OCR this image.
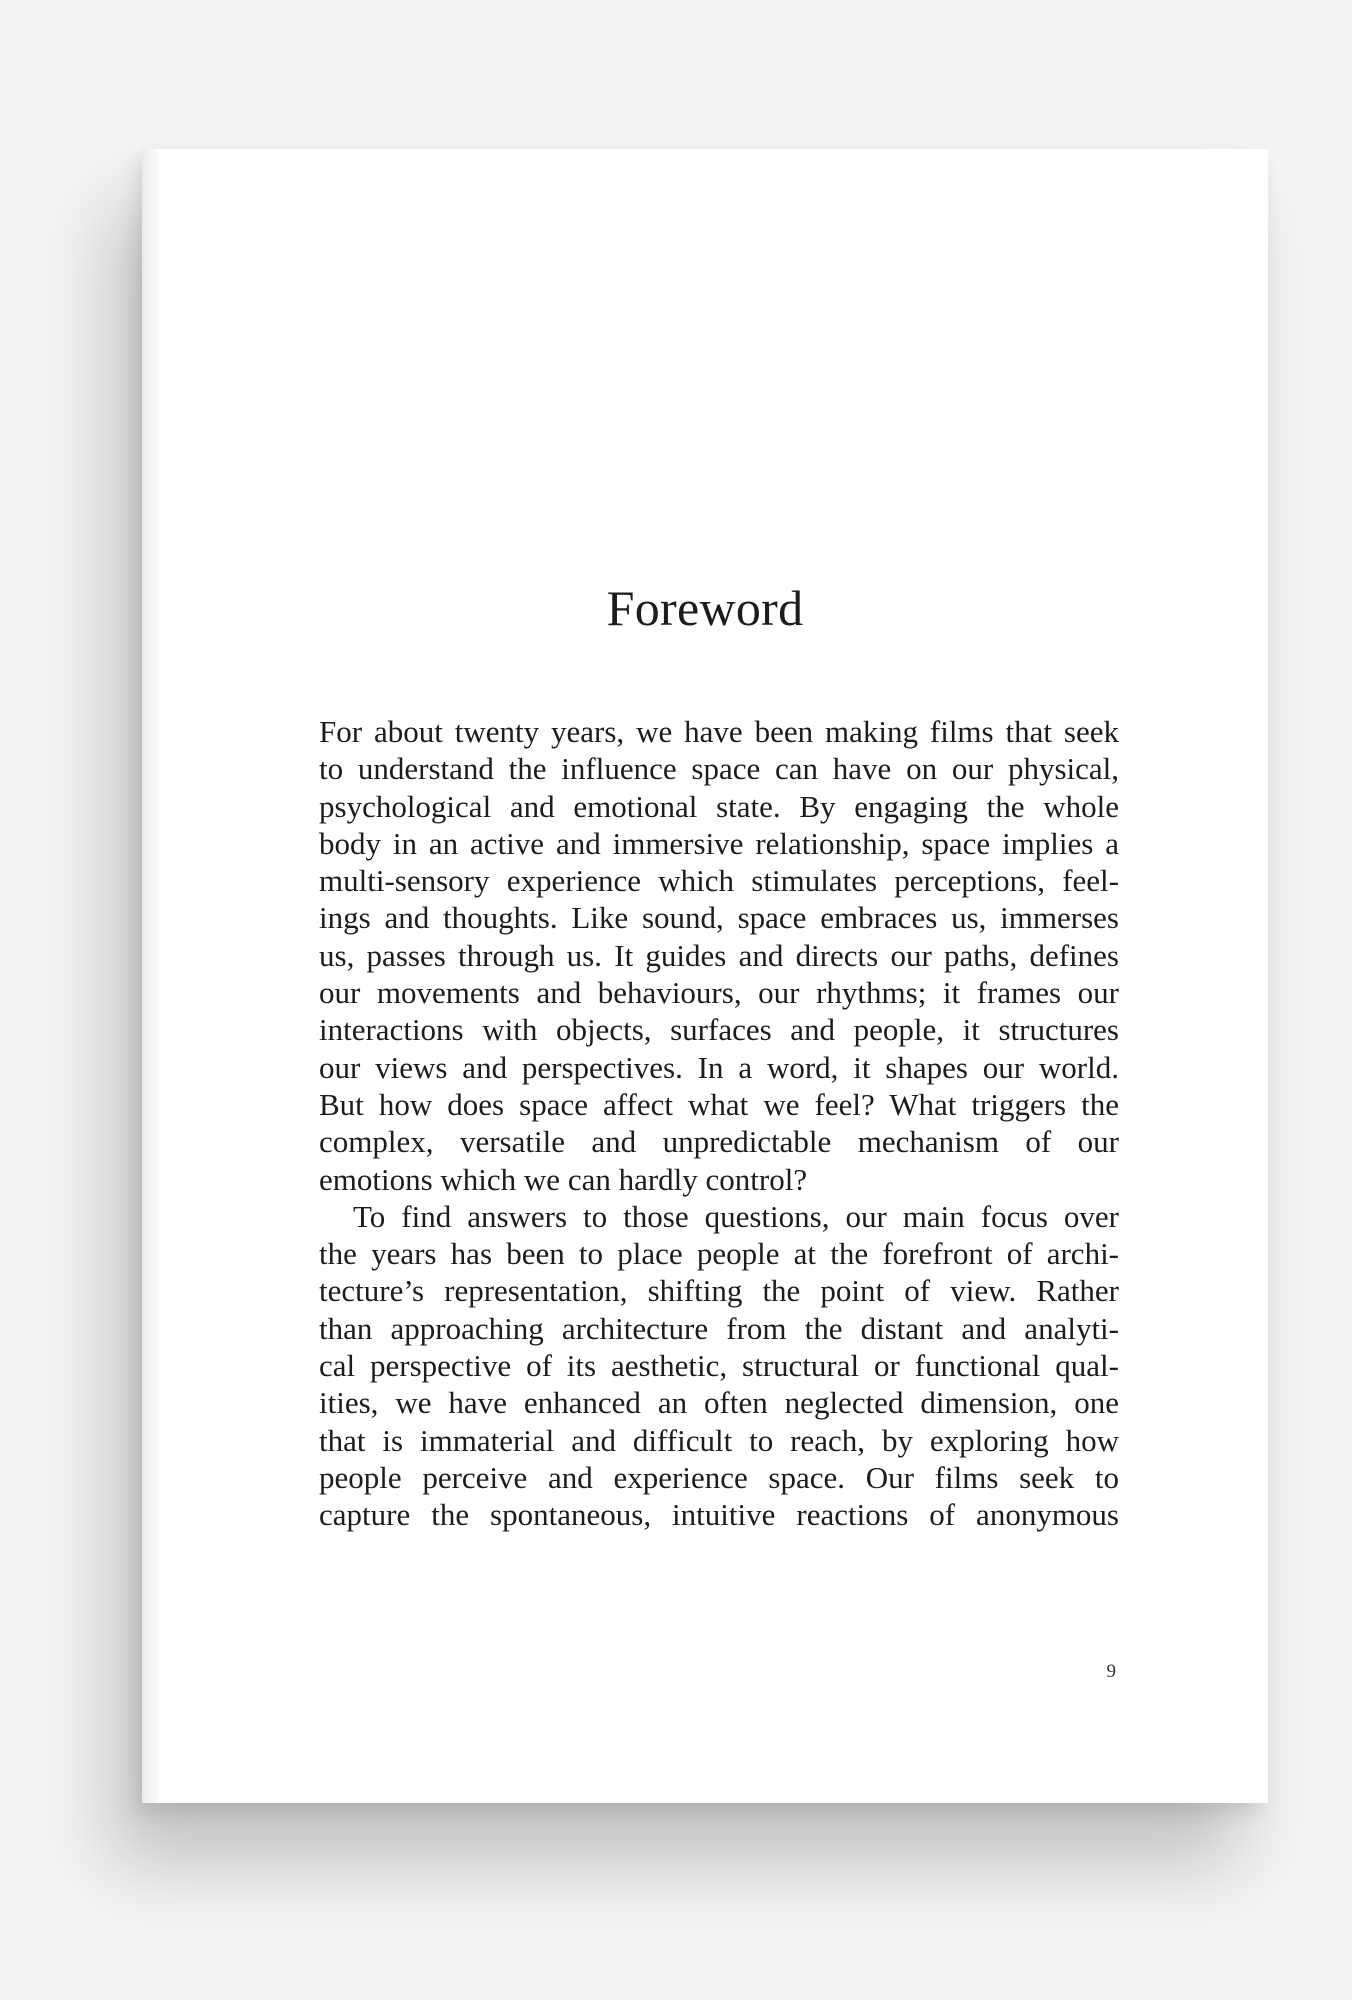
Foreword
For about twenty years, we have been making films that seek
to understand the influence space can have on our physical,
psychological and emotional state. By engaging the whole
body in an active and immersive relationship, space implies a
multi-sensory experience which stimulates perceptions, feel-
ings and thoughts. Like sound, space embraces us, immerses
us, passes through us. It guides and directs our paths, defines
our movements and behaviours, our rhythms; it frames our
interactions with objects, surfaces and people, it structures
our views and perspectives. In a word, it shapes our world.
But how does space affect what we feel? What triggers the
complex, versatile and unpredictable mechanism of our
emotions which we can hardly control?
To find answers to those questions, our main focus over
the years has been to place people at the forefront of archi-
tecture’s representation, shifting the point of view. Rather
than approaching architecture from the distant and analyti-
cal perspective of its aesthetic, structural or functional qual-
ities, we have enhanced an often neglected dimension, one
that is immaterial and difficult to reach, by exploring how
people perceive and experience space. Our films seek to
capture the spontaneous, intuitive reactions of anonymous
9
